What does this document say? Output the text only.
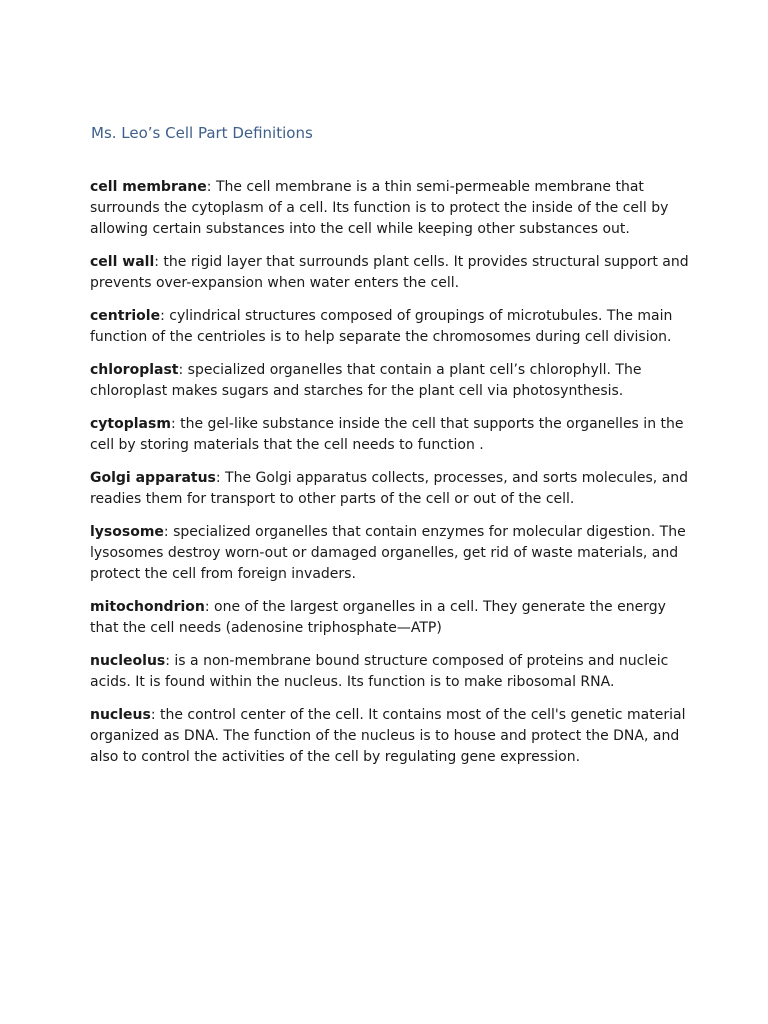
Ms. Leo’s Cell Part Definitions

cell membrane: The cell membrane is a thin semi-permeable membrane that surrounds the cytoplasm of a cell. Its function is to protect the inside of the cell by allowing certain substances into the cell while keeping other substances out.

cell wall: the rigid layer that surrounds plant cells. It provides structural support and prevents over-expansion when water enters the cell.

centriole: cylindrical structures composed of groupings of microtubules. The main function of the centrioles is to help separate the chromosomes during cell division.

chloroplast: specialized organelles that contain a plant cell’s chlorophyll. The chloroplast makes sugars and starches for the plant cell via photosynthesis.

cytoplasm: the gel-like substance inside the cell that supports the organelles in the cell by storing materials that the cell needs to function .

Golgi apparatus: The Golgi apparatus collects, processes, and sorts molecules, and readies them for transport to other parts of the cell or out of the cell.

lysosome: specialized organelles that contain enzymes for molecular digestion. The lysosomes destroy worn-out or damaged organelles, get rid of waste materials, and protect the cell from foreign invaders.

mitochondrion: one of the largest organelles in a cell. They generate the energy that the cell needs (adenosine triphosphate—ATP)

nucleolus: is a non-membrane bound structure composed of proteins and nucleic acids. It is found within the nucleus. Its function is to make ribosomal RNA.

nucleus: the control center of the cell. It contains most of the cell's genetic material organized as DNA. The function of the nucleus is to house and protect the DNA, and also to control the activities of the cell by regulating gene expression.
